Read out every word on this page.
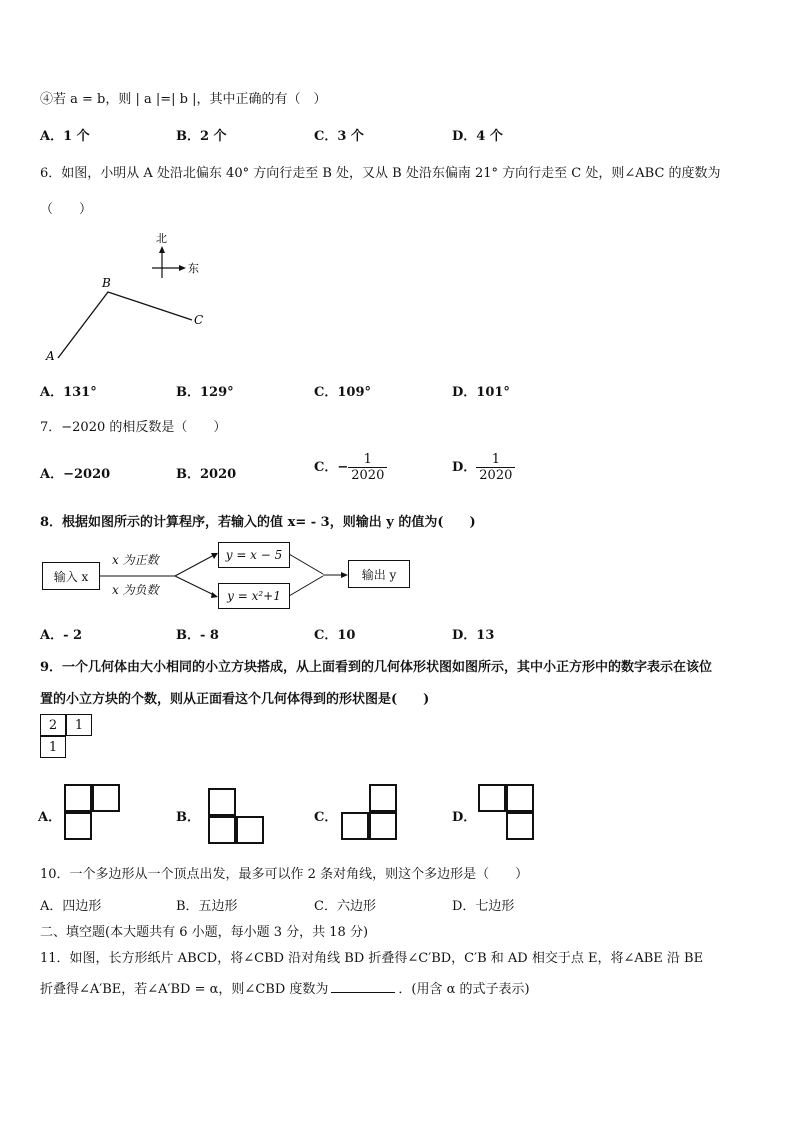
④若 a = b，则 | a |=| b |，其中正确的有（　）
A．1 个	B．2 个	C．3 个	D．4 个
6．如图，小明从 A 处沿北偏东 40° 方向行走至 B 处，又从 B 处沿东偏南 21° 方向行走至 C 处，则∠ABC 的度数为
（　　）
北
东
A
B
C
A．131°	B．129°	C．109°	D．101°
7．−2020 的相反数是（　　）
A．−2020	B．2020	C．− $\frac{1}{2020}$	D． $\frac{1}{2020}$
8．根据如图所示的计算程序，若输入的值 x= - 3，则输出 y 的值为(　　)
输入 x
x 为正数
x 为负数
y = x − 5
y = x²+1
输出 y
A．- 2	B．- 8	C．10	D．13
9．一个几何体由大小相同的小立方块搭成，从上面看到的几何体形状图如图所示，其中小正方形中的数字表示在该位
置的小立方块的个数，则从正面看这个几何体得到的形状图是(　　)
2	1
1
A．	B．	C．	D．
10．一个多边形从一个顶点出发，最多可以作 2 条对角线，则这个多边形是（　　）
A．四边形	B．五边形	C．六边形	D．七边形
二、填空题(本大题共有 6 小题，每小题 3 分，共 18 分)
11．如图，长方形纸片 ABCD，将∠CBD 沿对角线 BD 折叠得∠C′BD，C′B 和 AD 相交于点 E，将∠ABE 沿 BE
折叠得∠A′BE，若∠A′BD = α，则∠CBD 度数为	．(用含 α 的式子表示)
